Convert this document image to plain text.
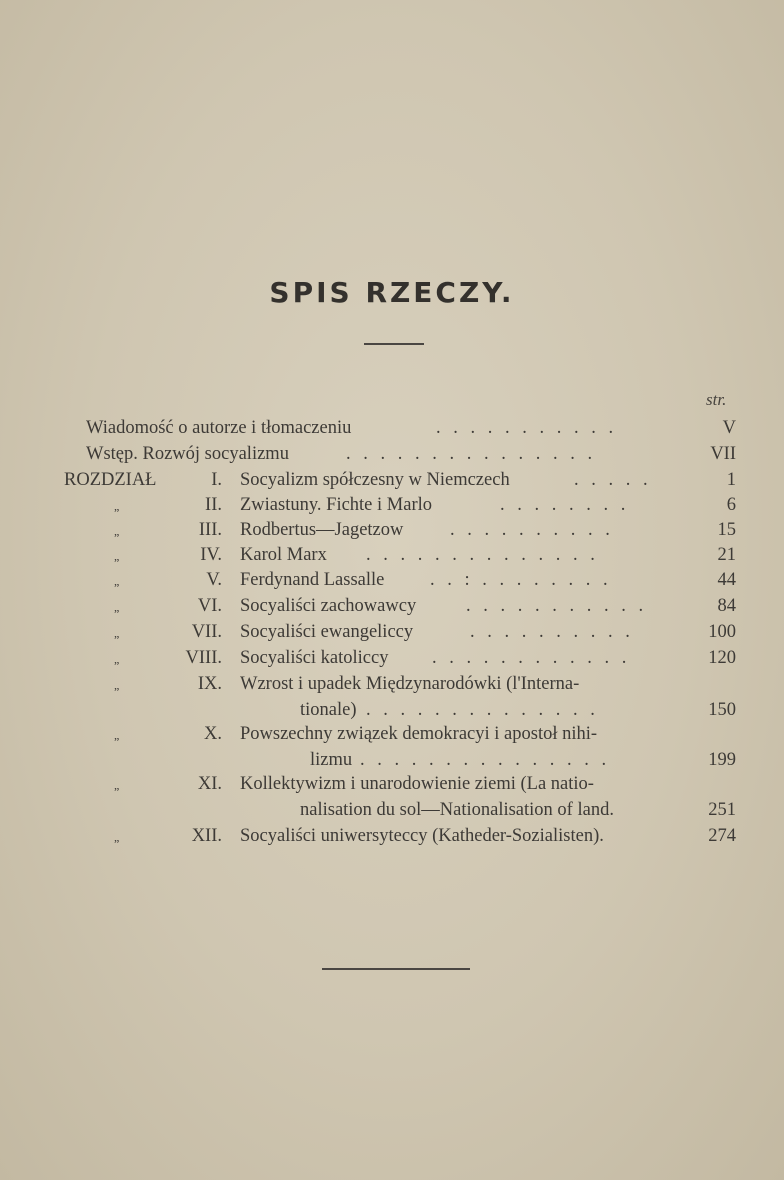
SPIS RZECZY.
str.
Wiadomość o autorze i tłomaczeniu	. . . . . . . . . . .	V
Wstęp. Rozwój socyalizmu	. . . . . . . . . . . . . . .	VII
ROZDZIAŁ	I. Socyalizm spółczesny w Niemczech	. . . . .	1
„	II. Zwiastuny. Fichte i Marlo	. . . . . . . .	6
„	III. Rodbertus—Jagetzow	. . . . . . . . . .	15
„	IV. Karol Marx . . . . . . . . . . . . . .	21
„	V. Ferdynand Lassalle . . : . . . . . . . .	44
„	VI. Socyaliści zachowawcy	. . . . . . . . . . .	84
„	VII. Socyaliści ewangeliccy	. . . . . . . . . .	100
„	VIII. Socyaliści katoliccy . . . . . . . . . . . .	120
„	IX. Wzrost i upadek Międzynarodówki (l'Interna-
tionale) . . . . . . . . . . . . . .	150
„	X. Powszechny związek demokracyi i apostoł nihi-
lizmu . . . . . . . . . . . . . . .	199
„	XI. Kollektywizm i unarodowienie ziemi (La natio-
nalisation du sol—Nationalisation of land.	251
„	XII. Socyaliści uniwersyteccy (Katheder-Sozialisten).	274
